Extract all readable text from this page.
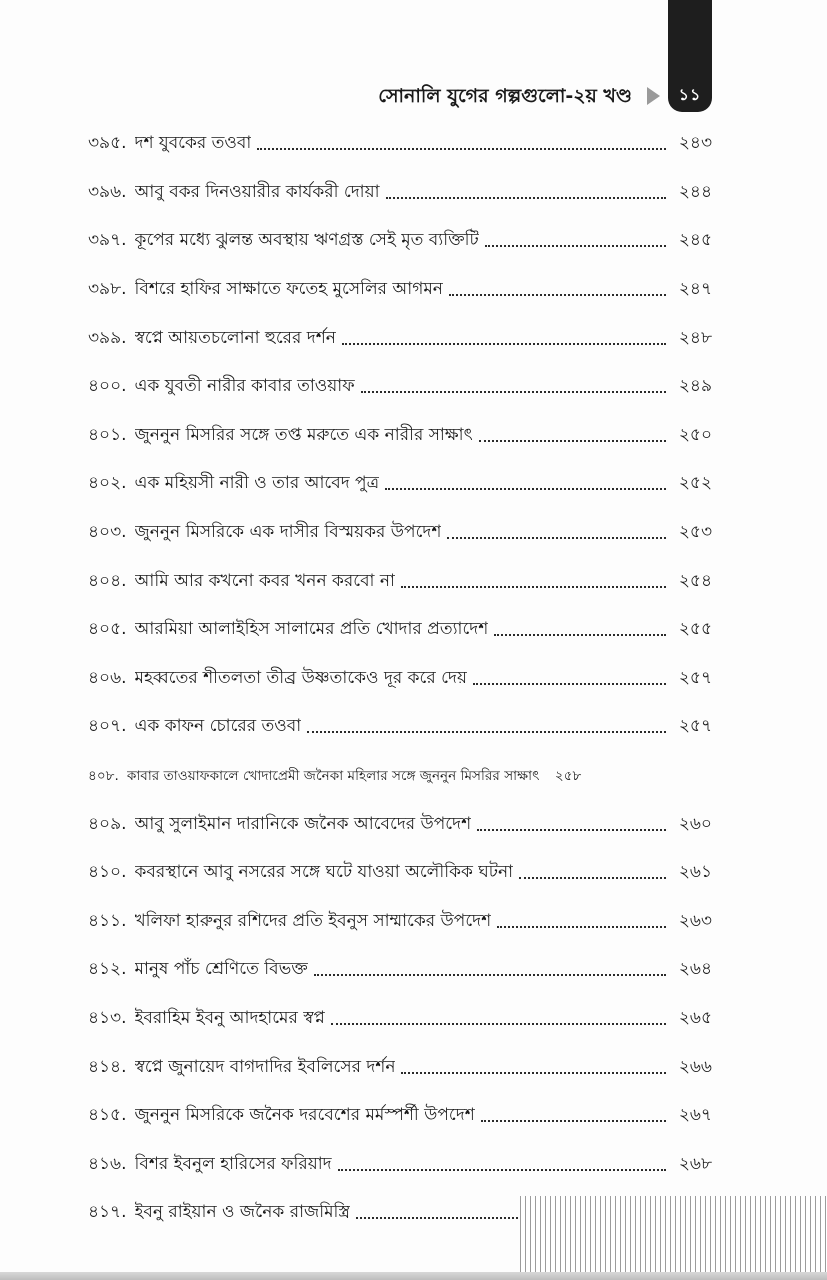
সোনালি যুগের গল্পগুলো-২য় খণ্ড	১১
৩৯৫. দশ যুবকের তওবা	২৪৩
৩৯৬. আবু বকর দিনওয়ারীর কার্যকরী দোয়া	২৪৪
৩৯৭. কূপের মধ্যে ঝুলন্ত অবস্থায় ঋণগ্রস্ত সেই মৃত ব্যক্তিটি	২৪৫
৩৯৮. বিশরে হাফির সাক্ষাতে ফতেহ মুসেলির আগমন	২৪৭
৩৯৯. স্বপ্নে আয়তচলোনা হুরের দর্শন	২৪৮
৪০০. এক যুবতী নারীর কাবার তাওয়াফ	২৪৯
৪০১. জুননুন মিসরির সঙ্গে তপ্ত মরুতে এক নারীর সাক্ষাৎ	২৫০
৪০২. এক মহিয়সী নারী ও তার আবেদ পুত্র	২৫২
৪০৩. জুননুন মিসরিকে এক দাসীর বিস্ময়কর উপদেশ	২৫৩
৪০৪. আমি আর কখনো কবর খনন করবো না	২৫৪
৪০৫. আরমিয়া আলাইহিস সালামের প্রতি খোদার প্রত্যাদেশ	২৫৫
৪০৬. মহব্বতের শীতলতা তীব্র উষ্ণতাকেও দূর করে দেয়	২৫৭
৪০৭. এক কাফন চোরের তওবা	২৫৭
৪০৮. কাবার তাওয়াফকালে খোদাপ্রেমী জনৈকা মহিলার সঙ্গে জুননুন মিসরির সাক্ষাৎ	২৫৮
৪০৯. আবু সুলাইমান দারানিকে জনৈক আবেদের উপদেশ	২৬০
৪১০. কবরস্থানে আবু নসরের সঙ্গে ঘটে যাওয়া অলৌকিক ঘটনা	২৬১
৪১১. খলিফা হারুনুর রশিদের প্রতি ইবনুস সাম্মাকের উপদেশ	২৬৩
৪১২. মানুষ পাঁচ শ্রেণিতে বিভক্ত	২৬৪
৪১৩. ইবরাহিম ইবনু আদহামের স্বপ্ন	২৬৫
৪১৪. স্বপ্নে জুনায়েদ বাগদাদির ইবলিসের দর্শন	২৬৬
৪১৫. জুননুন মিসরিকে জনৈক দরবেশের মর্মস্পর্শী উপদেশ	২৬৭
৪১৬. বিশর ইবনুল হারিসের ফরিয়াদ	২৬৮
৪১৭. ইবনু রাইয়ান ও জনৈক রাজমিস্ত্রি
